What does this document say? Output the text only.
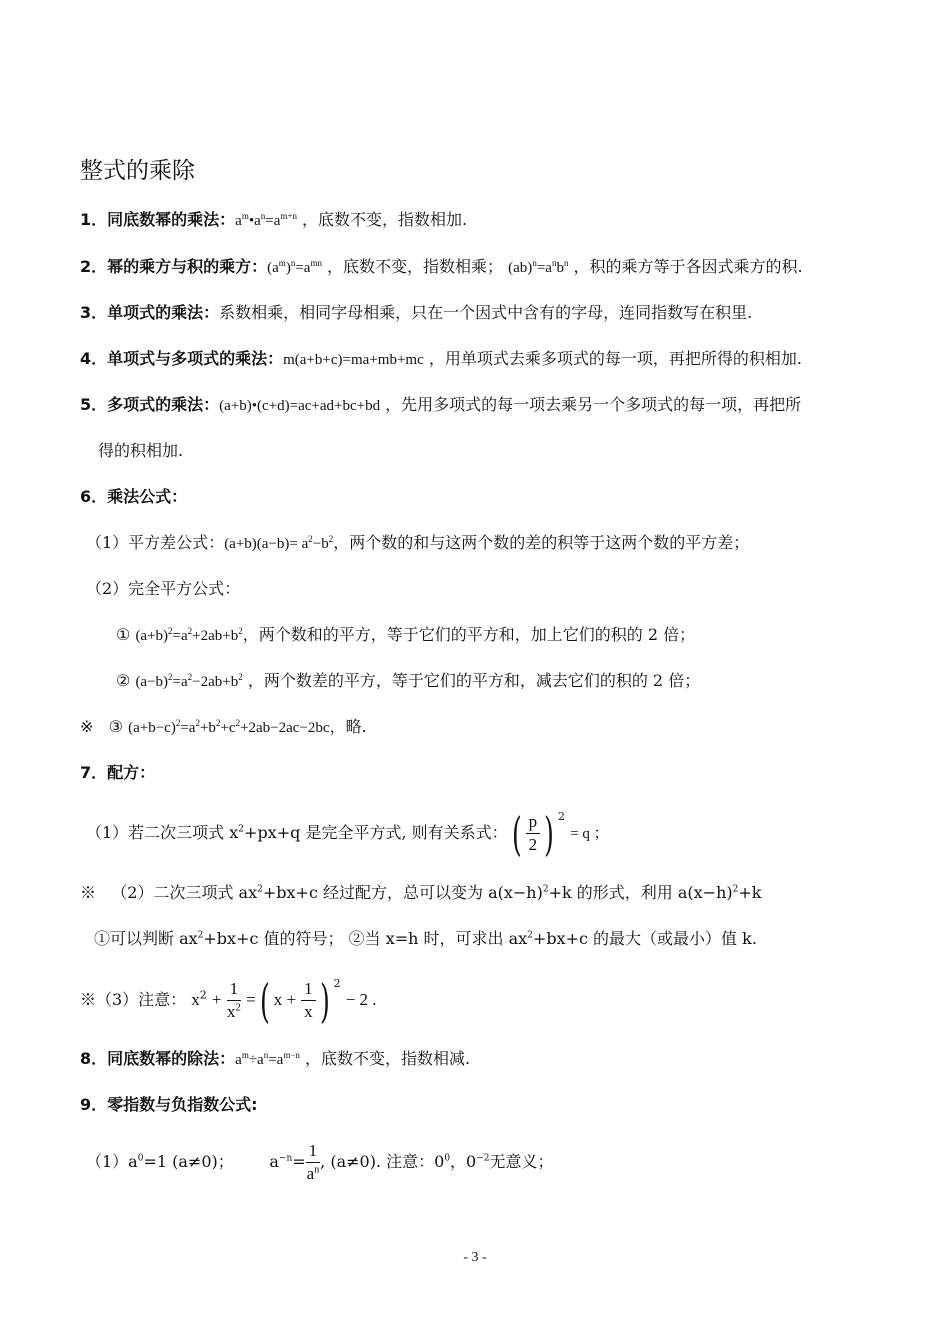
整式的乘除
1．同底数幂的乘法：$a^m•a^n=a^{m+n}$ ，底数不变，指数相加.
2．幂的乘方与积的乘方：$(a^m)^n=a^{mn}$ ，底数不变，指数相乘； $(ab)^n=a^nb^n$ ，积的乘方等于各因式乘方的积.
3．单项式的乘法：系数相乘，相同字母相乘，只在一个因式中含有的字母，连同指数写在积里.
4．单项式与多项式的乘法：m(a+b+c)=ma+mb+mc ，用单项式去乘多项式的每一项，再把所得的积相加.
5．多项式的乘法：(a+b)•(c+d)=ac+ad+bc+bd ，先用多项式的每一项去乘另一个多项式的每一项，再把所
得的积相加.
6．乘法公式：
（1）平方差公式：$(a+b)(a-b)= a^2-b^2$，两个数的和与这两个数的差的积等于这两个数的平方差；
（2）完全平方公式：
① $(a+b)^2=a^2+2ab+b^2$，两个数和的平方，等于它们的平方和，加上它们的积的 2 倍；
② $(a-b)^2=a^2-2ab+b^2$ ，两个数差的平方，等于它们的平方和，减去它们的积的 2 倍；
※ ③ $(a+b-c)^2=a^2+b^2+c^2+2ab-2ac-2bc$，略.
7．配方：
（1）若二次三项式 $x^2+px+q$ 是完全平方式, 则有关系式：( $\frac{p}{2}$ ) $^2$ = q ；
※ （2）二次三项式 $ax^2+bx+c$ 经过配方，总可以变为 $a(x-h)^2+k$ 的形式，利用 $a(x-h)^2+k$
①可以判断 $ax^2+bx+c$ 值的符号； ②当 x=h 时，可求出 $ax^2+bx+c$ 的最大（或最小）值 k.
※（3）注意： $x^2 + \frac{1}{x^2}$ =( $x + \frac{1}{x}$ ) $^2$ − 2 .
8．同底数幂的除法：$a^m\div a^n=a^{m-n}$ ，底数不变，指数相减.
9．零指数与负指数公式:
$(1)a^0=1$ (a≠0)； $a^{-n}= \frac{1}{a^n}$ , (a≠0). 注意：$0^0$，$0^{-2}$无意义；
- 3 -
